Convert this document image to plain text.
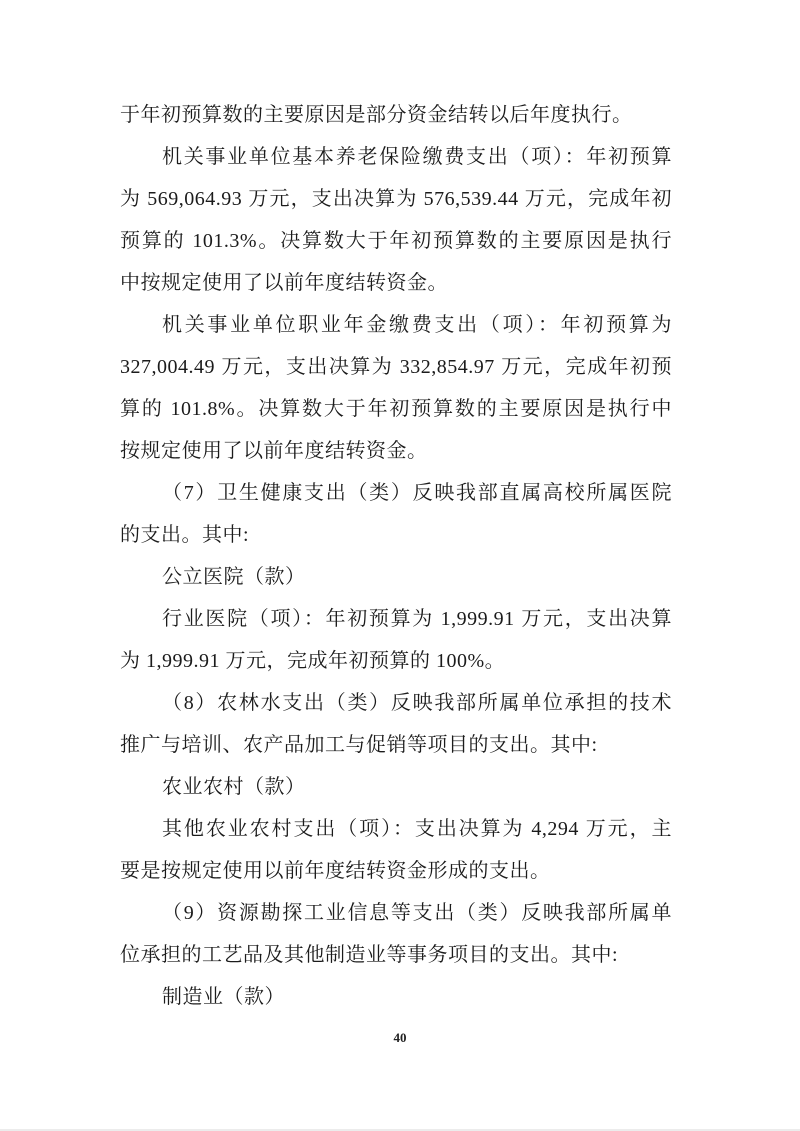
于年初预算数的主要原因是部分资金结转以后年度执行。
机关事业单位基本养老保险缴费支出（项）：年初预算
为 569,064.93 万元，支出决算为 576,539.44 万元，完成年初
预算的 101.3%。决算数大于年初预算数的主要原因是执行
中按规定使用了以前年度结转资金。
机关事业单位职业年金缴费支出（项）：年初预算为
327,004.49 万元，支出决算为 332,854.97 万元，完成年初预
算的 101.8%。决算数大于年初预算数的主要原因是执行中
按规定使用了以前年度结转资金。
（7）卫生健康支出（类）反映我部直属高校所属医院
的支出。其中:
公立医院（款）
行业医院（项）：年初预算为 1,999.91 万元，支出决算
为 1,999.91 万元，完成年初预算的 100%。
（8）农林水支出（类）反映我部所属单位承担的技术
推广与培训、农产品加工与促销等项目的支出。其中:
农业农村（款）
其他农业农村支出（项）：支出决算为 4,294 万元，主
要是按规定使用以前年度结转资金形成的支出。
（9）资源勘探工业信息等支出（类）反映我部所属单
位承担的工艺品及其他制造业等事务项目的支出。其中:
制造业（款）
40
